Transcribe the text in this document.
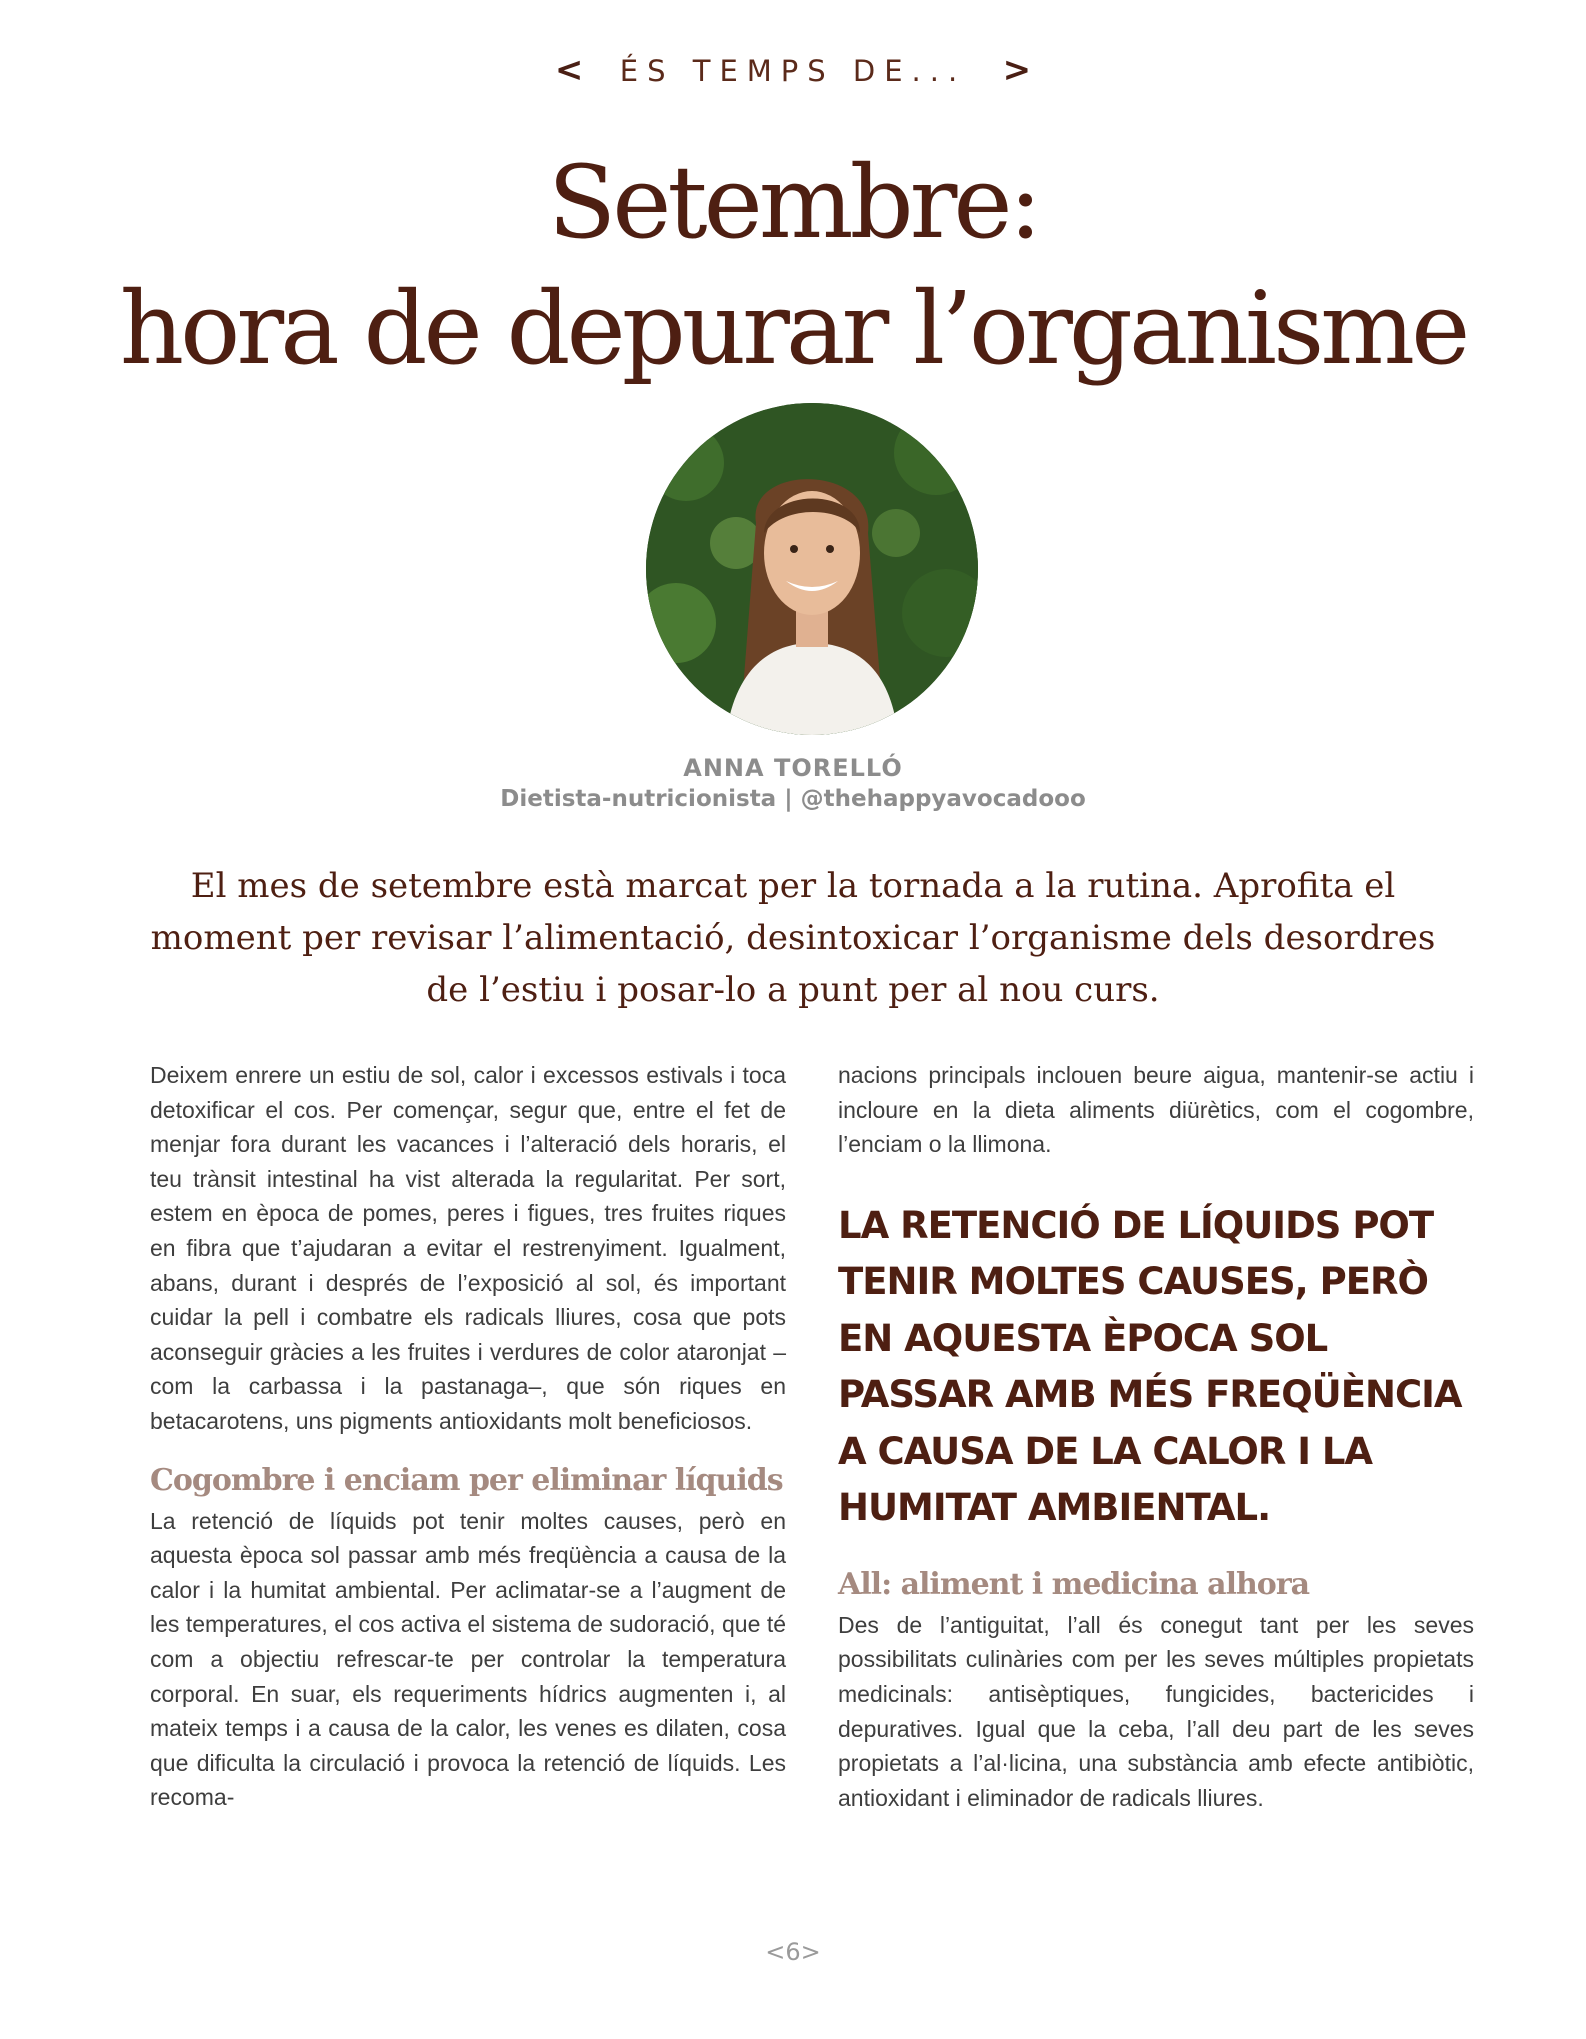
< ÉS TEMPS DE... >
Setembre:
hora de depurar l’organisme
ANNA TORELLÓ
Dietista-nutricionista | @thehappyavocadooo

El mes de setembre està marcat per la tornada a la rutina. Aprofita el moment per revisar l’alimentació, desintoxicar l’organisme dels desordres de l’estiu i posar-lo a punt per al nou curs.

Deixem enrere un estiu de sol, calor i excessos estivals i toca detoxificar el cos. Per començar, segur que, entre el fet de menjar fora durant les vacances i l’alteració dels horaris, el teu trànsit intestinal ha vist alterada la regularitat. Per sort, estem en època de pomes, peres i figues, tres fruites riques en fibra que t’ajudaran a evitar el restrenyiment. Igualment, abans, durant i després de l’exposició al sol, és important cuidar la pell i combatre els radicals lliures, cosa que pots aconseguir gràcies a les fruites i verdures de color ataronjat –com la carbassa i la pastanaga–, que són riques en betacarotens, uns pigments antioxidants molt beneficiosos.

Cogombre i enciam per eliminar líquids

La retenció de líquids pot tenir moltes causes, però en aquesta època sol passar amb més freqüència a causa de la calor i la humitat ambiental. Per aclimatar-se a l’augment de les temperatures, el cos activa el sistema de sudoració, que té com a objectiu refrescar-te per controlar la temperatura corporal. En suar, els requeriments hídrics augmenten i, al mateix temps i a causa de la calor, les venes es dilaten, cosa que dificulta la circulació i provoca la retenció de líquids. Les recoma-

nacions principals inclouen beure aigua, mantenir-se actiu i incloure en la dieta aliments diürètics, com el cogombre, l’enciam o la llimona.

LA RETENCIÓ DE LÍQUIDS POT TENIR MOLTES CAUSES, PERÒ EN AQUESTA ÈPOCA SOL PASSAR AMB MÉS FREQÜÈNCIA A CAUSA DE LA CALOR I LA HUMITAT AMBIENTAL.
All: aliment i medicina alhora

Des de l’antiguitat, l’all és conegut tant per les seves possibilitats culinàries com per les seves múltiples propietats medicinals: antisèptiques, fungicides, bactericides i depuratives. Igual que la ceba, l’all deu part de les seves propietats a l’al·licina, una substància amb efecte antibiòtic, antioxidant i eliminador de radicals lliures.

<6>
